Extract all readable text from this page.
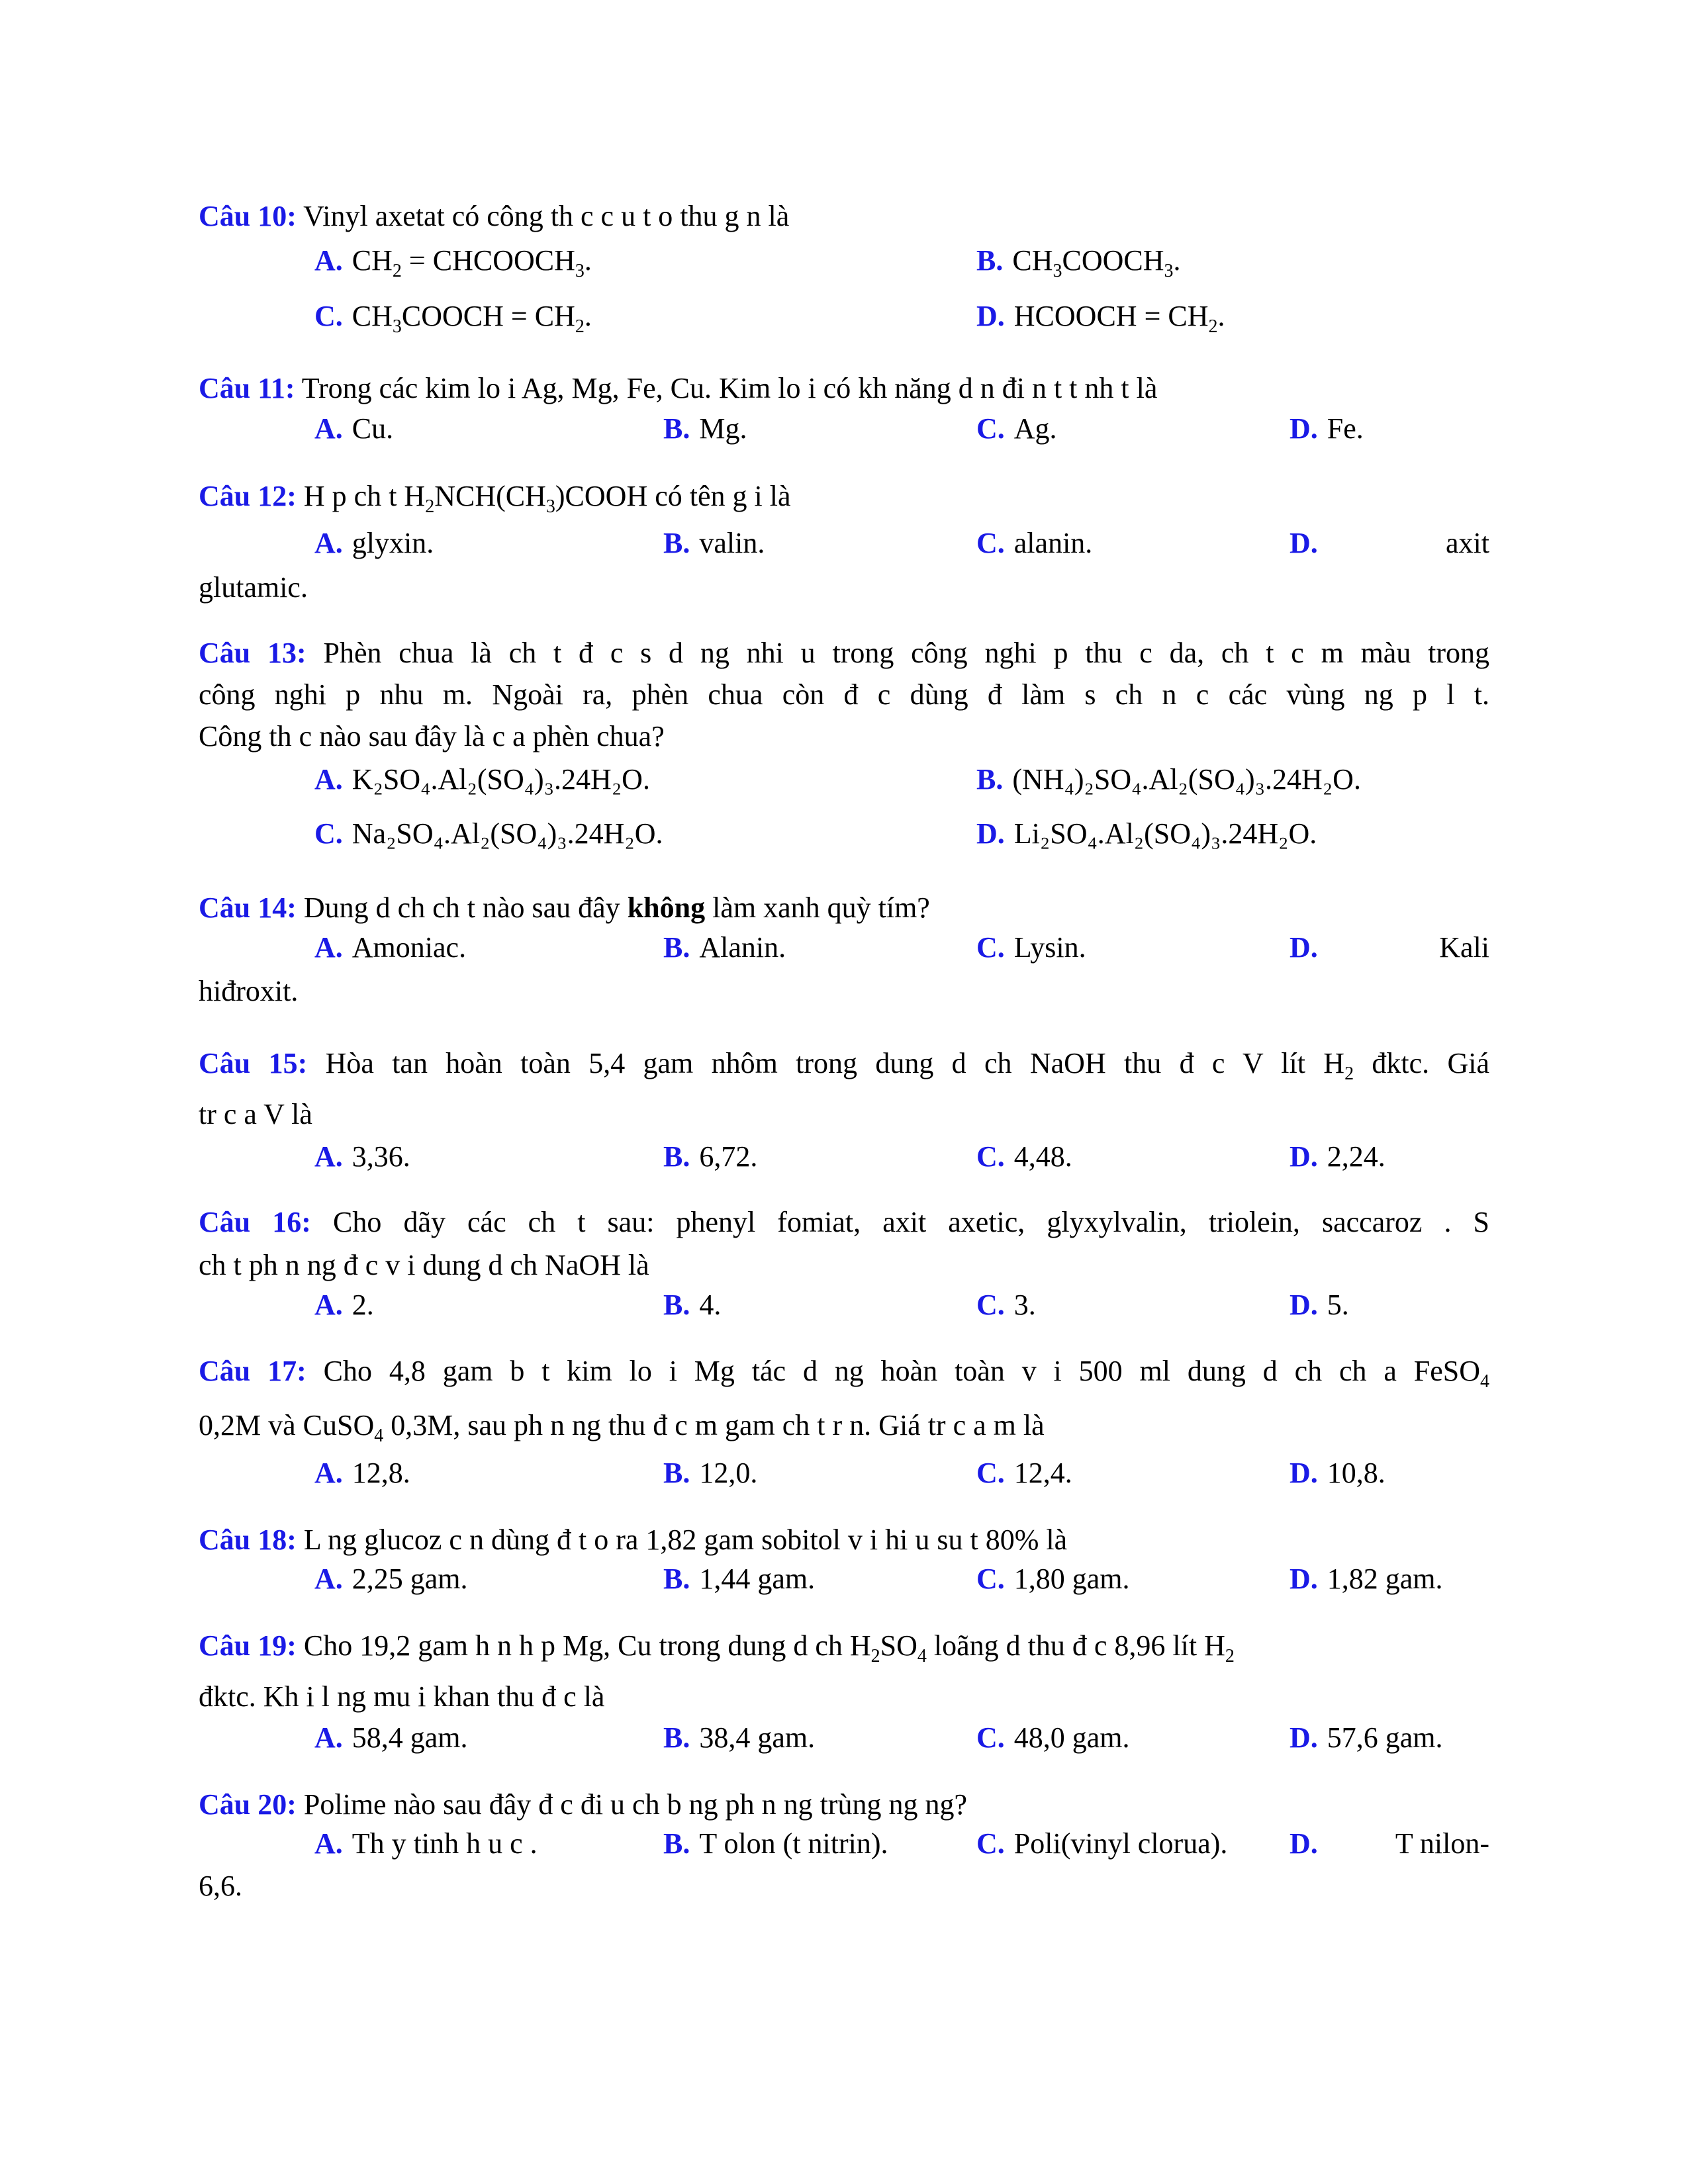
Câu 10: Vinyl axetat có công th c c u t o thu g n là
A. $CH_2$ = $CHCOOCH_3$.	B. $CH_3COOCH_3$.
C. $CH_3COOCH = CH_2$.	D. HCOOCH = $CH_2$.
Câu 11: Trong các kim lo i Ag, Mg, Fe, Cu. Kim lo i có kh năng d n đi n t t nh t là
A. Cu.	B. Mg.	C. Ag.	D. Fe.
Câu 12: H p ch t $H_2NCH(CH_3)COOH$ có tên g i là
A. glyxin.	B. valin.	C. alanin.	D.	axit
glutamic.
Câu 13: Phèn chua là ch t đ c s d ng nhi u trong công nghi p thu c da, ch t c m màu trong
công nghi p nhu m. Ngoài ra, phèn chua còn đ c dùng đ làm s ch n c các vùng ng p l t.
Công th c nào sau đây là c a phèn chua?
A. K₂SO₄.Al₂(SO₄)₃.24H₂O.	B. (NH₄)₂SO₄.Al₂(SO₄)₃.24H₂O.
C. Na₂SO₄.Al₂(SO₄)₃.24H₂O.	D. Li₂SO₄.Al₂(SO₄)₃.24H₂O.
Câu 14: Dung d ch ch t nào sau đây không làm xanh quỳ tím?
A. Amoniac.	B. Alanin.	C. Lysin.	D.	Kali
hiđroxit.
Câu 15: Hòa tan hoàn toàn 5,4 gam nhôm trong dung d ch NaOH thu đ c V lít $H_2$ đktc. Giá
tr c a V là
A. 3,36.	B. 6,72.	C. 4,48.	D. 2,24.
Câu 16: Cho dãy các ch t sau: phenyl fomiat, axit axetic, glyxylvalin, triolein, saccaroz . S
ch t ph n ng đ c v i dung d ch NaOH là
A. 2.	B. 4.	C. 3.	D. 5.
Câu 17: Cho 4,8 gam b t kim lo i Mg tác d ng hoàn toàn v i 500 ml dung d ch ch a FeSO$_4$
0,2M và CuSO$_4$ 0,3M, sau ph n ng thu đ c m gam ch t r n. Giá tr c a m là
A. 12,8.	B. 12,0.	C. 12,4.	D. 10,8.
Câu 18: L ng glucoz c n dùng đ t o ra 1,82 gam sobitol v i hi u su t 80% là
A. 2,25 gam.	B. 1,44 gam.	C. 1,80 gam.	D. 1,82 gam.
Câu 19: Cho 19,2 gam h n h p Mg, Cu trong dung d ch $H_2SO_4$ loãng d thu đ c 8,96 lít $H_2$
đktc. Kh i l ng mu i khan thu đ c là
A. 58,4 gam.	B. 38,4 gam.	C. 48,0 gam.	D. 57,6 gam.
Câu 20: Polime nào sau đây đ c đi u ch b ng ph n ng trùng ng ng?
A. Th y tinh h u c .	B. T olon (t nitrin).	C. Poli(vinyl clorua). D.	T nilon-
6,6.
